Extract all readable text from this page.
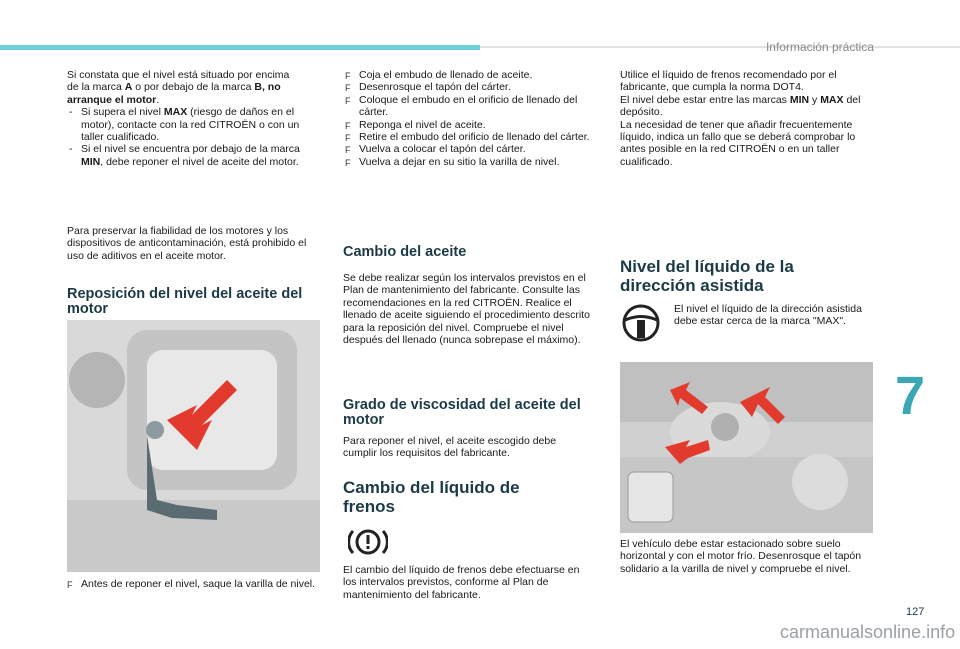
Información práctica

Si constata que el nivel está situado por encima
de la marca A o por debajo de la marca B, no
arranque el motor.

- Si supera el nivel MAX (riesgo de daños en el motor), contacte con la red CITROËN o con un taller cualificado.
- Si el nivel se encuentra por debajo de la marca MIN, debe reponer el nivel de aceite del motor.

Para preservar la fiabilidad de los motores y los dispositivos de anticontaminación, está prohibido el uso de aditivos en el aceite motor.

Reposición del nivel del aceite del motor
F Antes de reponer el nivel, saque la varilla de nivel.
F Coja el embudo de llenado de aceite.
F Desenrosque el tapón del cárter.
F Coloque el embudo en el orificio de llenado del cárter.
F Reponga el nivel de aceite.
F Retire el embudo del orificio de llenado del cárter.
F Vuelva a colocar el tapón del cárter.
F Vuelva a dejar en su sitio la varilla de nivel.
Cambio del aceite

Se debe realizar según los intervalos previstos en el Plan de mantenimiento del fabricante. Consulte las recomendaciones en la red CITROËN. Realice el llenado de aceite siguiendo el procedimiento descrito para la reposición del nivel. Compruebe el nivel después del llenado (nunca sobrepase el máximo).

Grado de viscosidad del aceite del motor

Para reponer el nivel, el aceite escogido debe cumplir los requisitos del fabricante.

Cambio del líquido de frenos

El cambio del líquido de frenos debe efectuarse en los intervalos previstos, conforme al Plan de mantenimiento del fabricante.

Utilice el líquido de frenos recomendado por el fabricante, que cumpla la norma DOT4.

El nivel debe estar entre las marcas MIN y MAX del depósito.

La necesidad de tener que añadir frecuentemente líquido, indica un fallo que se deberá comprobar lo antes posible en la red CITROËN o en un taller cualificado.

Nivel del líquido de la dirección asistida

El nivel el líquido de la dirección asistida debe estar cerca de la marca "MAX".

El vehículo debe estar estacionado sobre suelo horizontal y con el motor frío. Desenrosque el tapón solidario a la varilla de nivel y compruebe el nivel.

7
127
carmanualsonline.info
